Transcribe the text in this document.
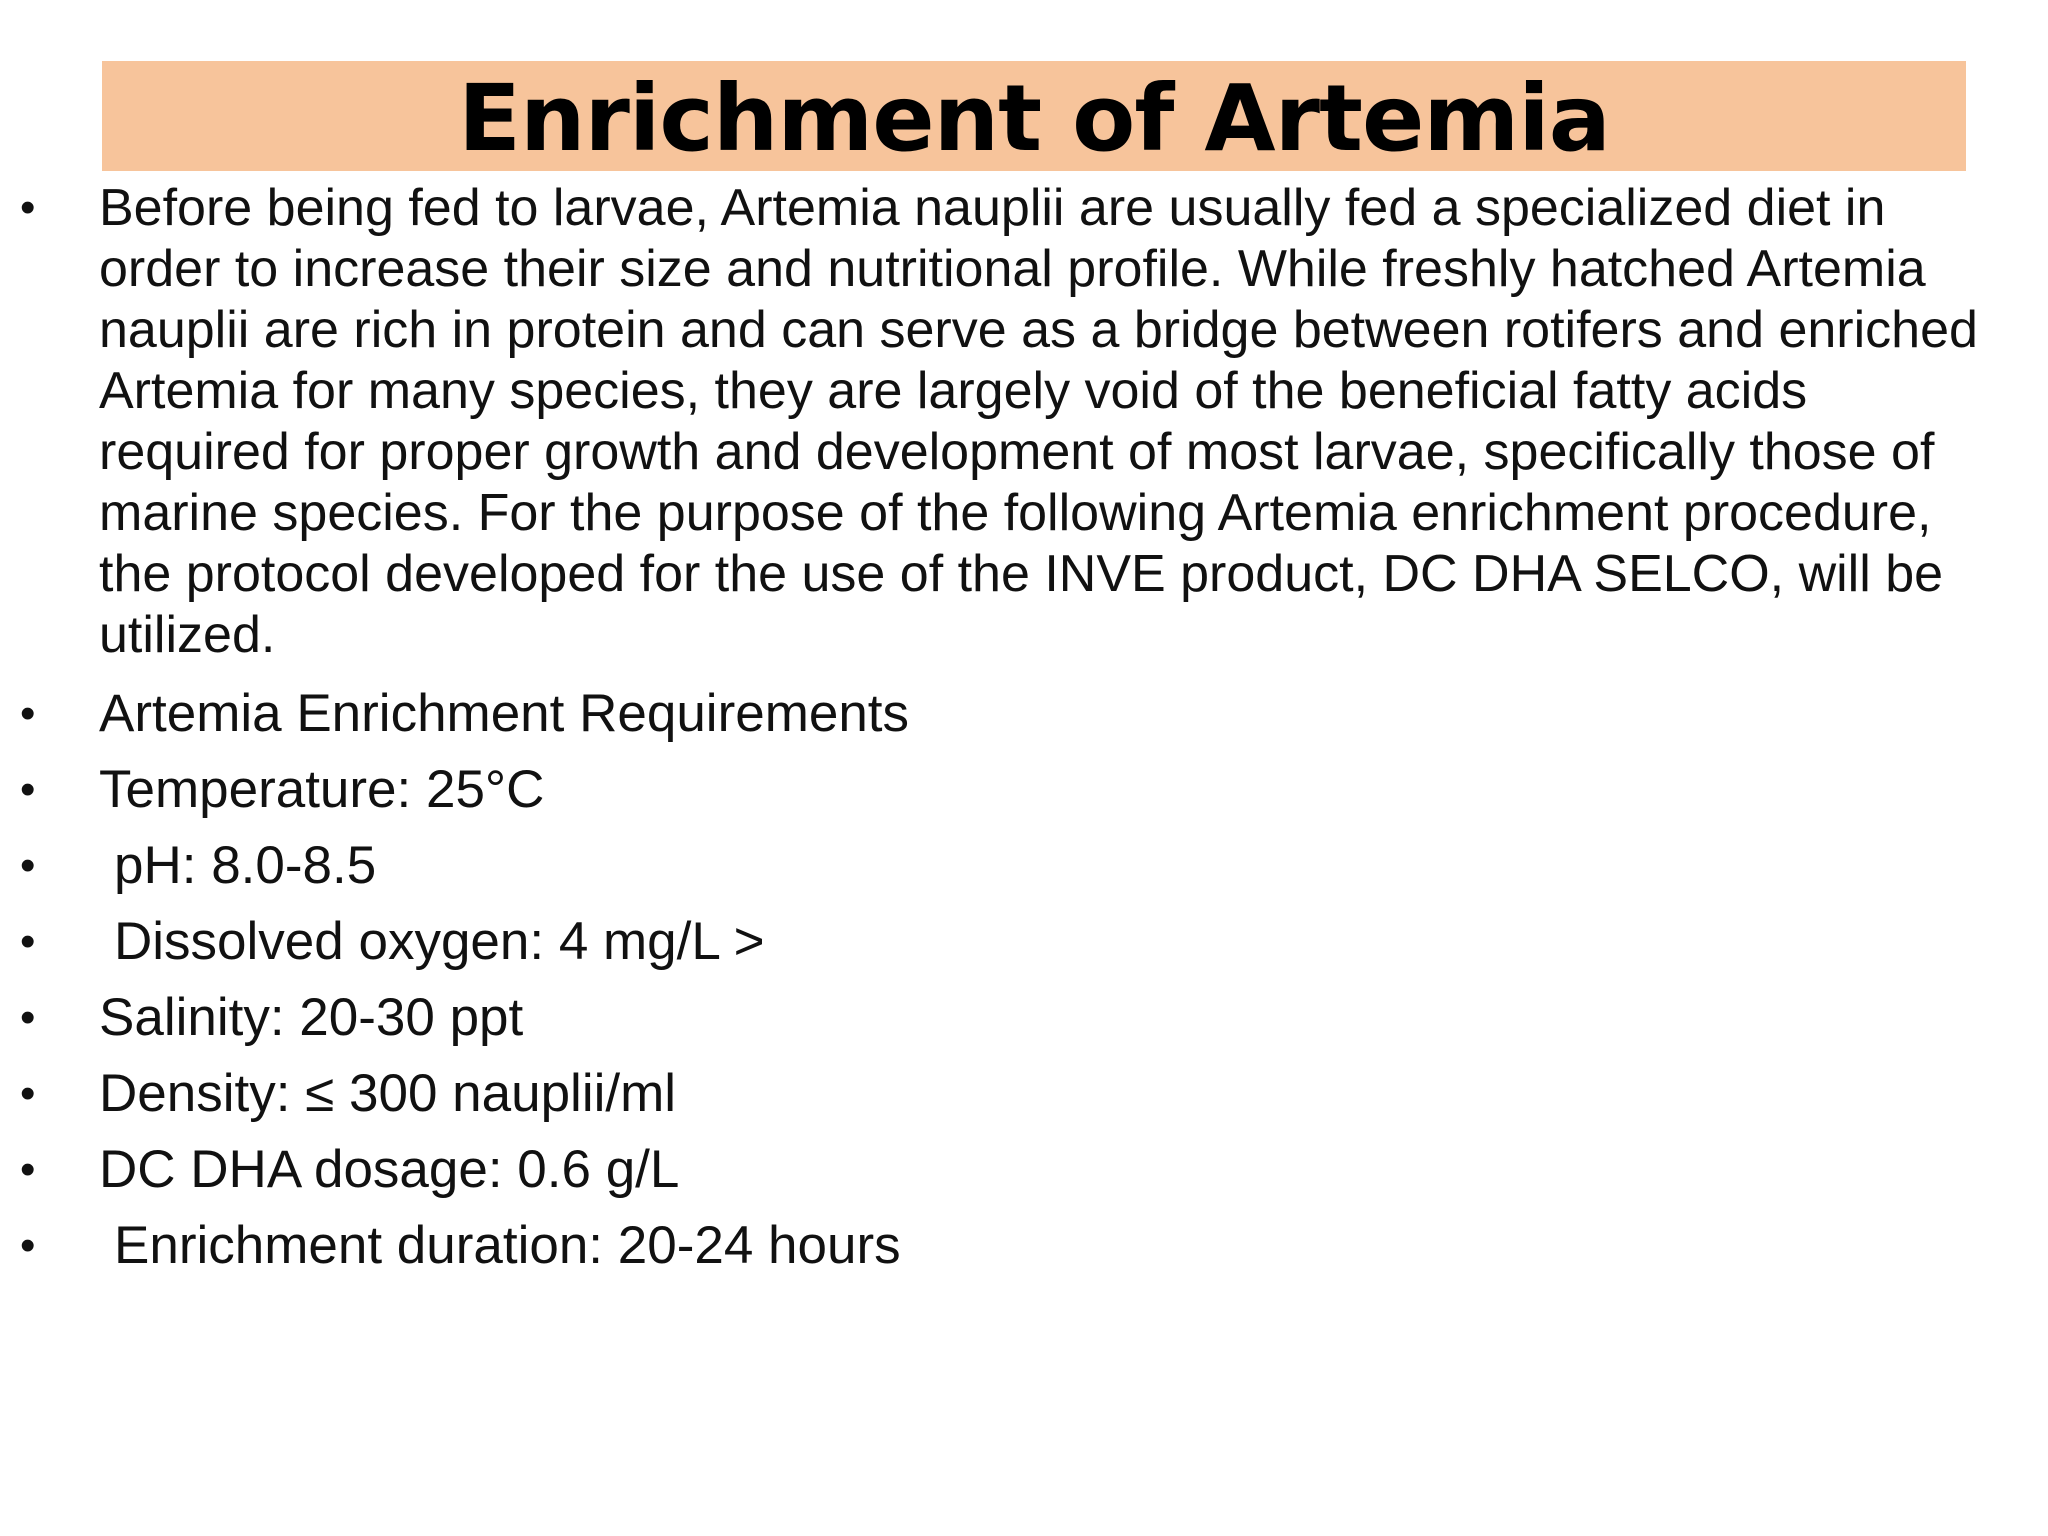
Enrichment of Artemia
• Before being fed to larvae, Artemia nauplii are usually fed a specialized diet in order to increase their size and nutritional profile. While freshly hatched Artemia nauplii are rich in protein and can serve as a bridge between rotifers and enriched Artemia for many species, they are largely void of the beneficial fatty acids required for proper growth and development of most larvae, specifically those of marine species. For the purpose of the following Artemia enrichment procedure, the protocol developed for the use of the INVE product, DC DHA SELCO, will be utilized.
• Artemia Enrichment Requirements
• Temperature: 25°C
• pH: 8.0-8.5
• Dissolved oxygen: 4 mg/L >
• Salinity: 20-30 ppt
• Density: ≤ 300 nauplii/ml
• DC DHA dosage: 0.6 g/L
• Enrichment duration: 20-24 hours
